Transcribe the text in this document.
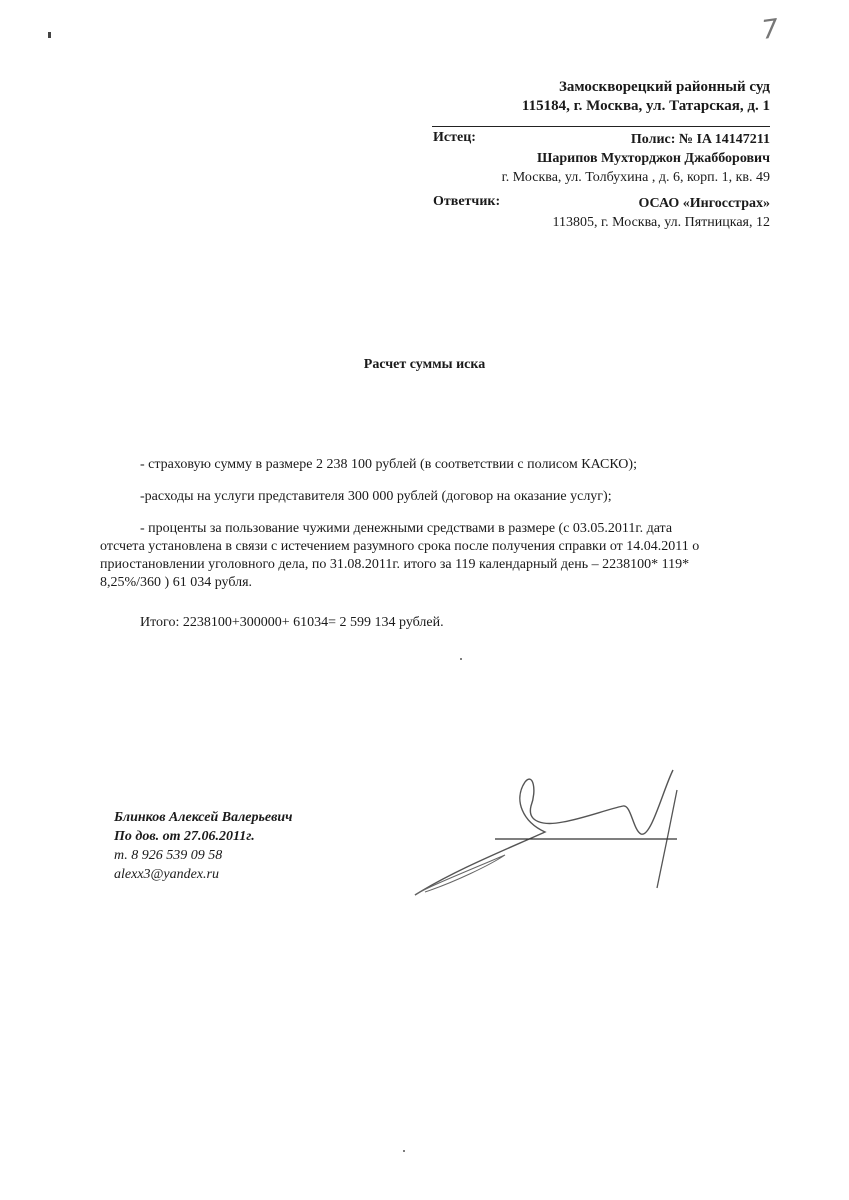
7
Замоскворецкий районный суд
115184, г. Москва, ул. Татарская, д. 1
Истец:	Полис: № IA 14147211
Шарипов Мухторджон Джабборович
г. Москва, ул. Толбухина , д. 6, корп. 1, кв. 49
Ответчик:	ОСАО «Ингосстрах»
113805, г. Москва, ул. Пятницкая, 12
Расчет суммы иска

- страховую сумму в размере 2 238 100 рублей (в соответствии с полисом КАСКО);

-расходы на услуги представителя 300 000 рублей (договор на оказание услуг);

- проценты за пользование чужими денежными средствами в размере (с 03.05.2011г. дата отсчета установлена в связи с истечением разумного срока после получения справки от 14.04.2011 о приостановлении уголовного дела, по 31.08.2011г. итого за 119 календарный день – 2238100* 119* 8,25%/360 ) 61 034 рубля.

Итого: 2238100+300000+ 61034= 2 599 134 рублей.

Блинков Алексей Валерьевич
По дов. от 27.06.2011г.
т. 8 926 539 09 58
alexx3@yandex.ru
